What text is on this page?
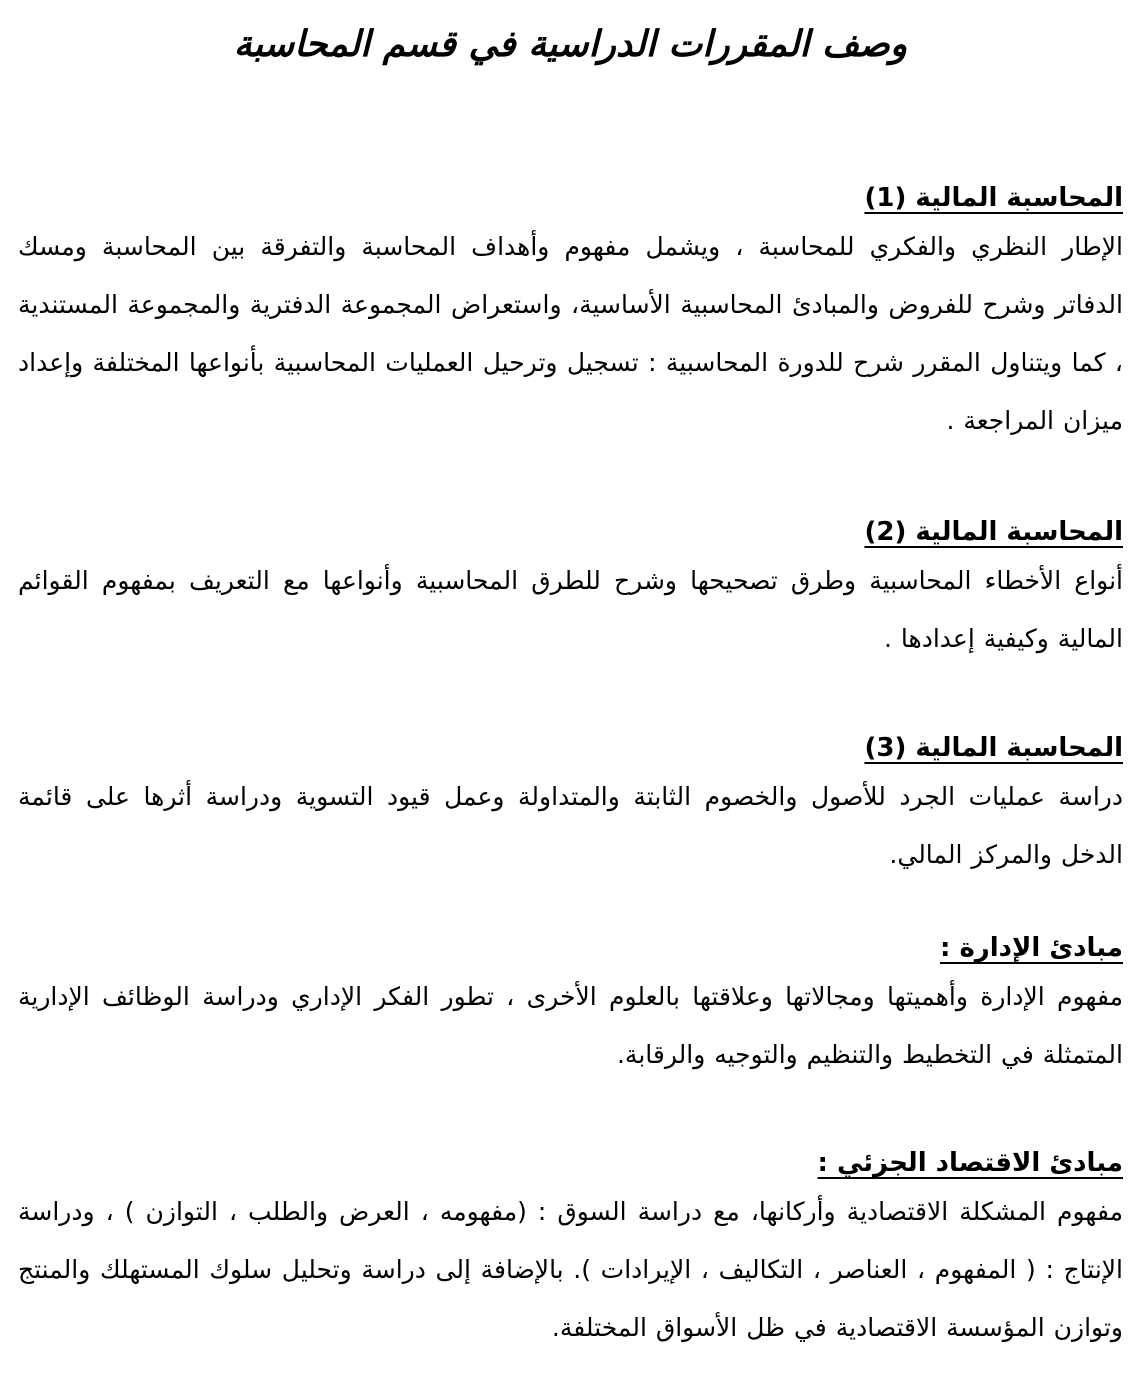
وصف المقررات الدراسية في قسم المحاسبة
المحاسبة المالية (1)

الإطار النظري والفكري للمحاسبة ، ويشمل مفهوم وأهداف المحاسبة والتفرقة بين المحاسبة ومسك الدفاتر وشرح للفروض والمبادئ المحاسبية الأساسية، واستعراض المجموعة الدفترية والمجموعة المستندية ، كما ويتناول المقرر شرح للدورة المحاسبية : تسجيل وترحيل العمليات المحاسبية بأنواعها المختلفة وإعداد ميزان المراجعة .

المحاسبة المالية (2)

أنواع الأخطاء المحاسبية وطرق تصحيحها وشرح للطرق المحاسبية وأنواعها مع التعريف بمفهوم القوائم المالية وكيفية إعدادها .

المحاسبة المالية (3)

دراسة عمليات الجرد للأصول والخصوم الثابتة والمتداولة وعمل قيود التسوية ودراسة أثرها على قائمة الدخل والمركز المالي.

مبادئ الإدارة :

مفهوم الإدارة وأهميتها ومجالاتها وعلاقتها بالعلوم الأخرى ، تطور الفكر الإداري ودراسة الوظائف الإدارية المتمثلة في التخطيط والتنظيم والتوجيه والرقابة.

مبادئ الاقتصاد الجزئي :

مفهوم المشكلة الاقتصادية وأركانها، مع دراسة السوق : (مفهومه ، العرض والطلب ، التوازن ) ، ودراسة الإنتاج : ( المفهوم ، العناصر ، التكاليف ، الإيرادات ). بالإضافة إلى دراسة وتحليل سلوك المستهلك والمنتج وتوازن المؤسسة الاقتصادية في ظل الأسواق المختلفة.
